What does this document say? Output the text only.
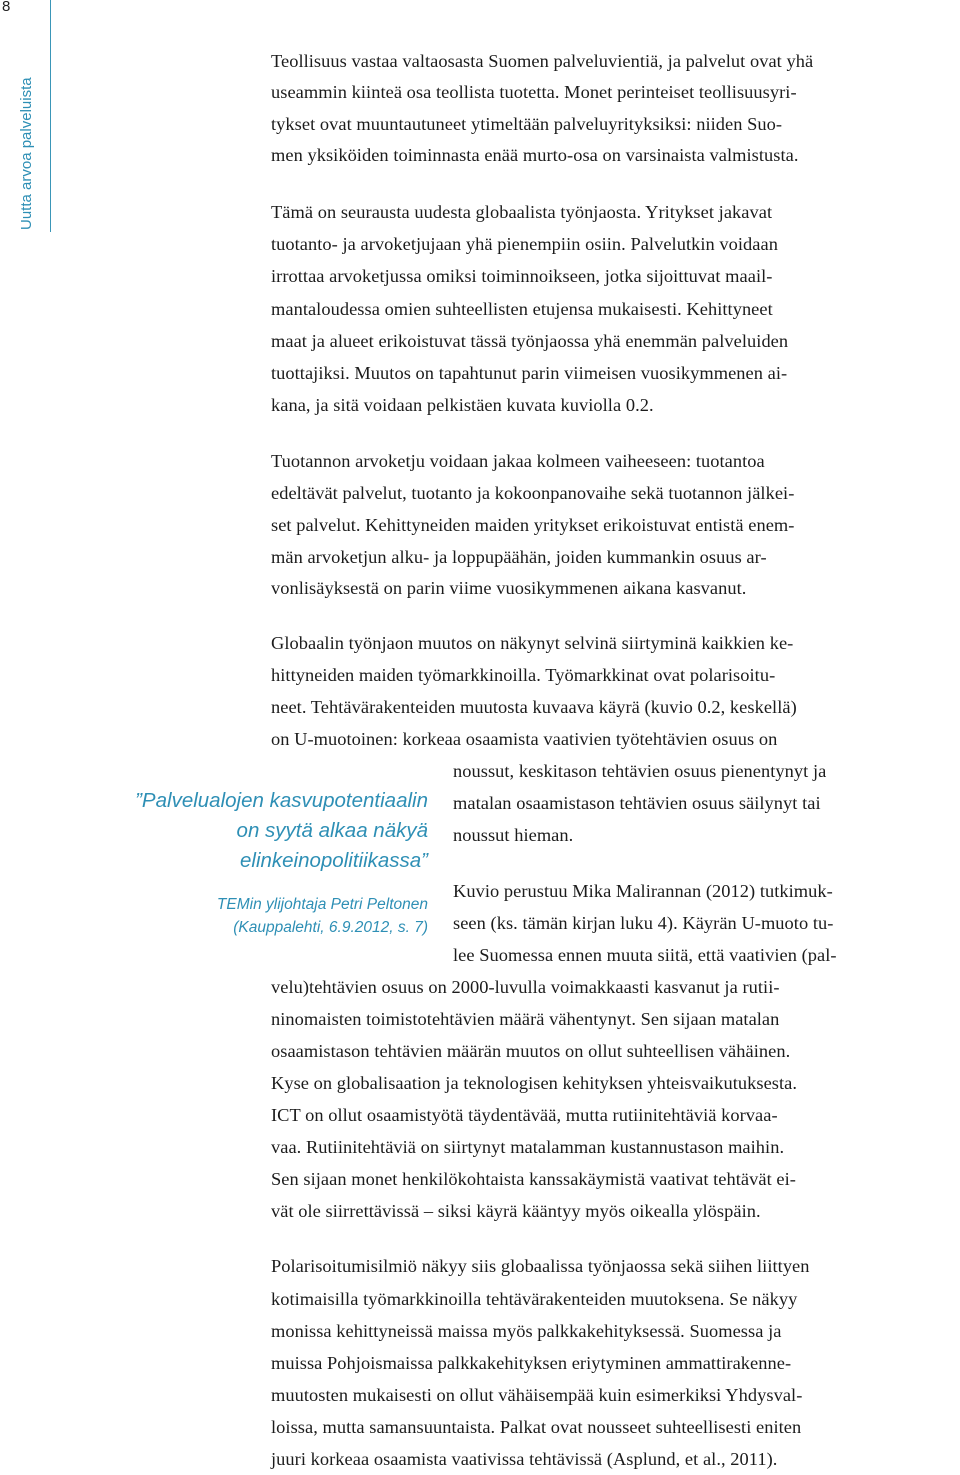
8
Uutta arvoa palveluista
Teollisuus vastaa valtaosasta Suomen palveluvientiä, ja palvelut ovat yhä
useammin kiinteä osa teollista tuotetta. Monet perinteiset teollisuusyri-
tykset ovat muuntautuneet ytimeltään palveluyrityksiksi: niiden Suo-
men yksiköiden toiminnasta enää murto-osa on varsinaista valmistusta.
Tämä on seurausta uudesta globaalista työnjaosta. Yritykset jakavat
tuotanto- ja arvoketjujaan yhä pienempiin osiin. Palvelutkin voidaan
irrottaa arvoketjussa omiksi toiminnoikseen, jotka sijoittuvat maail-
mantaloudessa omien suhteellisten etujensa mukaisesti. Kehittyneet
maat ja alueet erikoistuvat tässä työnjaossa yhä enemmän palveluiden
tuottajiksi. Muutos on tapahtunut parin viimeisen vuosikymmenen ai-
kana, ja sitä voidaan pelkistäen kuvata kuviolla 0.2.
Tuotannon arvoketju voidaan jakaa kolmeen vaiheeseen: tuotantoa
edeltävät palvelut, tuotanto ja kokoonpanovaihe sekä tuotannon jälkei-
set palvelut. Kehittyneiden maiden yritykset erikoistuvat entistä enem-
män arvoketjun alku- ja loppupäähän, joiden kummankin osuus ar-
vonlisäyksestä on parin viime vuosikymmenen aikana kasvanut.
Globaalin työnjaon muutos on näkynyt selvinä siirtyminä kaikkien ke-
hittyneiden maiden työmarkkinoilla. Työmarkkinat ovat polarisoitu-
neet. Tehtävärakenteiden muutosta kuvaava käyrä (kuvio 0.2, keskellä)
on U-muotoinen: korkeaa osaamista vaativien työtehtävien osuus on
noussut, keskitason tehtävien osuus pienentynyt ja
matalan osaamistason tehtävien osuus säilynyt tai
noussut hieman.
”Palvelualojen kasvupotentiaalin
on syytä alkaa näkyä
elinkeinopolitiikassa”
TEMin ylijohtaja Petri Peltonen
(Kauppalehti, 6.9.2012, s. 7)
Kuvio perustuu Mika Malirannan (2012) tutkimuk-
seen (ks. tämän kirjan luku 4). Käyrän U-muoto tu-
lee Suomessa ennen muuta siitä, että vaativien (pal-
velu)tehtävien osuus on 2000-luvulla voimakkaasti kasvanut ja rutii-
ninomaisten toimistotehtävien määrä vähentynyt. Sen sijaan matalan
osaamistason tehtävien määrän muutos on ollut suhteellisen vähäinen.
Kyse on globalisaation ja teknologisen kehityksen yhteisvaikutuksesta.
ICT on ollut osaamistyötä täydentävää, mutta rutiinitehtäviä korvaa-
vaa. Rutiinitehtäviä on siirtynyt matalamman kustannustason maihin.
Sen sijaan monet henkilökohtaista kanssakäymistä vaativat tehtävät ei-
vät ole siirrettävissä – siksi käyrä kääntyy myös oikealla ylöspäin.
Polarisoitumisilmiö näkyy siis globaalissa työnjaossa sekä siihen liittyen
kotimaisilla työmarkkinoilla tehtävärakenteiden muutoksena. Se näkyy
monissa kehittyneissä maissa myös palkkakehityksessä. Suomessa ja
muissa Pohjoismaissa palkkakehityksen eriytyminen ammattirakenne-
muutosten mukaisesti on ollut vähäisempää kuin esimerkiksi Yhdysval-
loissa, mutta samansuuntaista. Palkat ovat nousseet suhteellisesti eniten
juuri korkeaa osaamista vaativissa tehtävissä (Asplund, et al., 2011).
